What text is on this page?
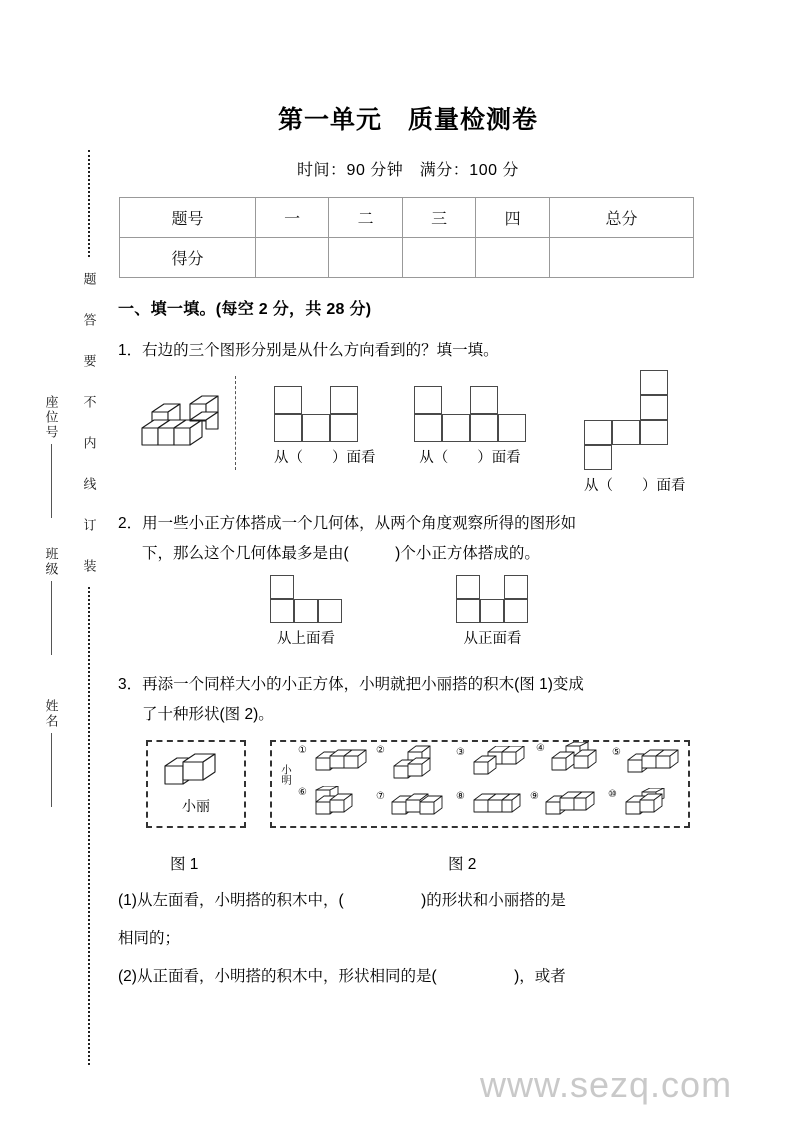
座位号
班级
姓名
题
答
要
不
内
线
订
装
第一单元　质量检测卷
时间：90 分钟　满分：100 分
题号	一	二	三	四	总分
得分					
一、填一填。(每空 2 分，共 28 分)
1．右边的三个图形分别是从什么方向看到的？填一填。
从（　　）面看	从（　　）面看
从（　　）面看
2．用一些小正方体搭成一个几何体，从两个角度观察所得的图形如
下，那么这个几何体最多是由(　　　)个小正方体搭成的。
从上面看
	从正面看
3．再添一个同样大小的小正方体，小明就把小丽搭的积木(图 1)变成
了十种形状(图 2)。
小丽
小明
①	②	③	④	⑤
⑥	⑦	⑧	⑨	⑩
图 1	图 2
(1)从左面看，小明搭的积木中，(　　　　　)的形状和小丽搭的是
相同的；
(2)从正面看，小明搭的积木中，形状相同的是(　　　　　)，或者
www.sezq.com
